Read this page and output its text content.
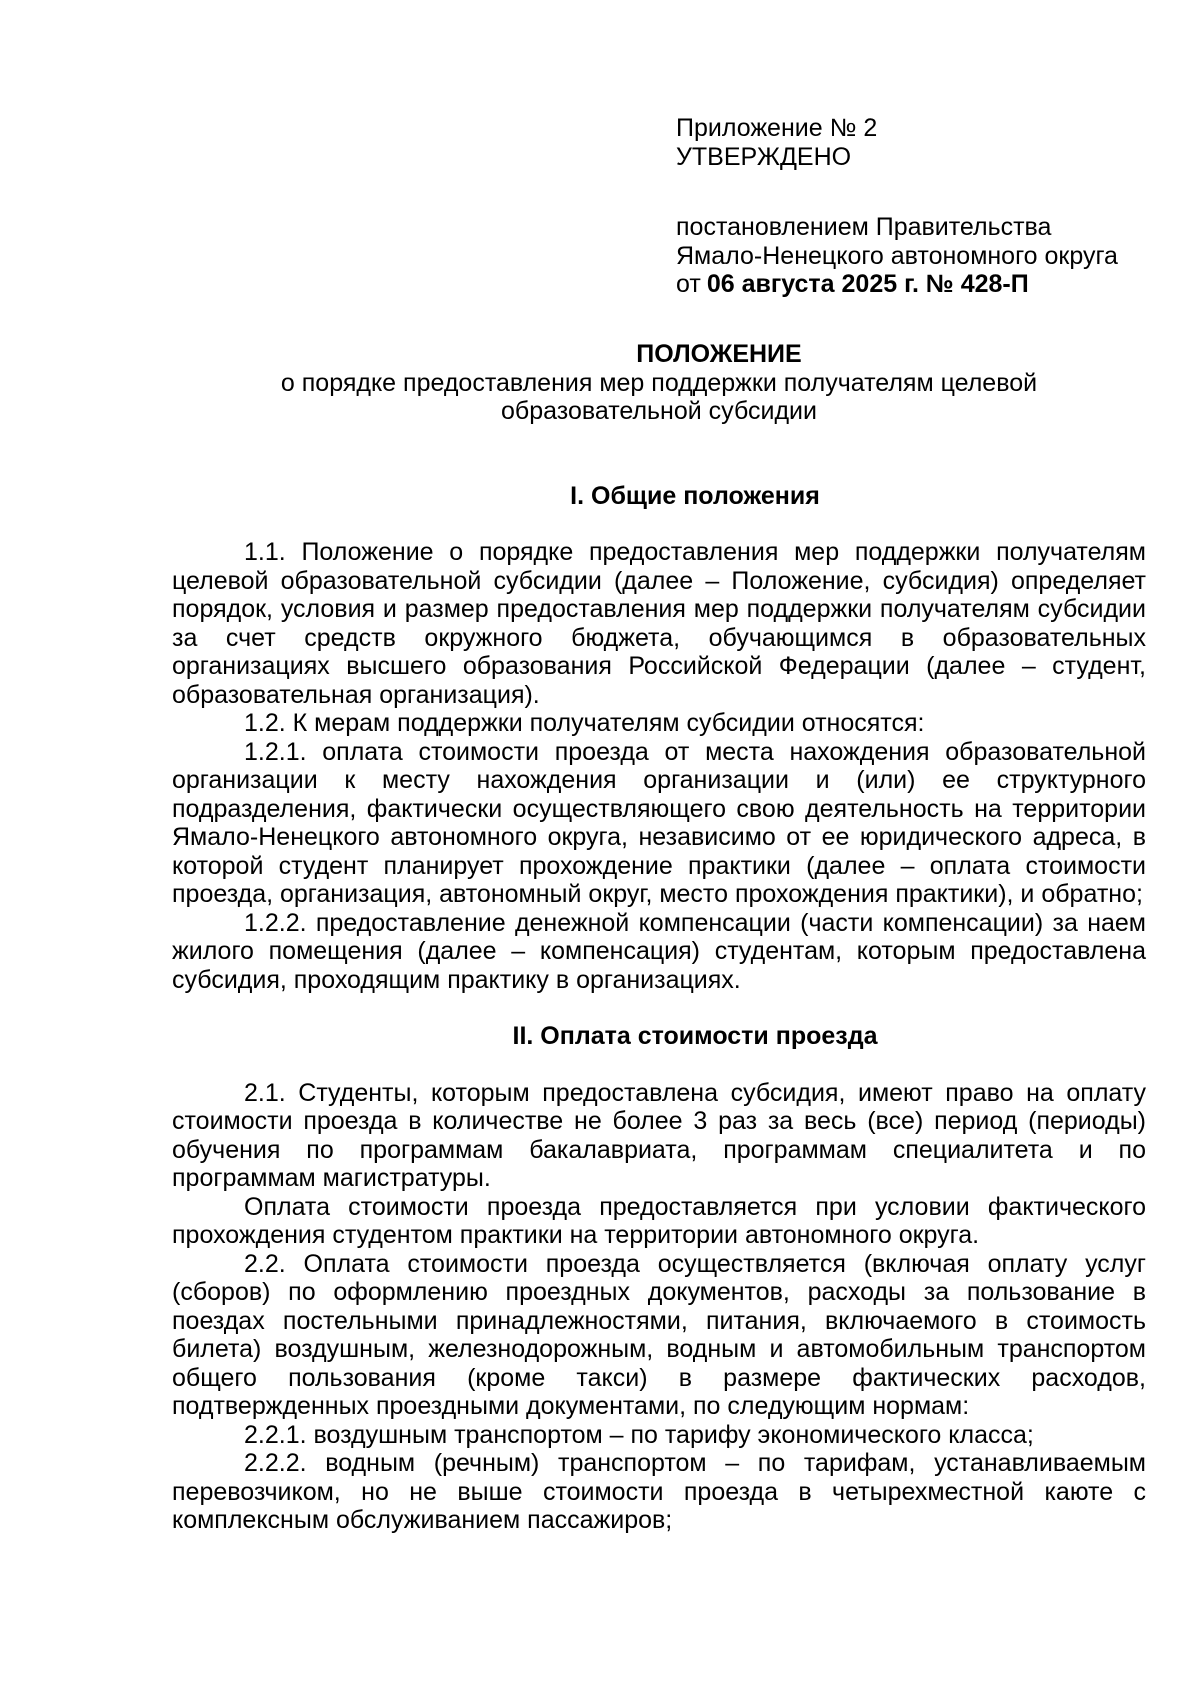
Приложение № 2
УТВЕРЖДЕНО
постановлением Правительства
Ямало-Ненецкого автономного округа
от 06 августа 2025 г. № 428-П

ПОЛОЖЕНИЕ

о порядке предоставления мер поддержки получателям целевой

образовательной субсидии

I. Общие положения

1.1. Положение о порядке предоставления мер поддержки получателям целевой образовательной субсидии (далее – Положение, субсидия) определяет порядок, условия и размер предоставления мер поддержки получателям субсидии за счет средств окружного бюджета, обучающимся в образовательных организациях высшего образования Российской Федерации (далее – студент, образовательная организация).

1.2. К мерам поддержки получателям субсидии относятся:

1.2.1. оплата стоимости проезда от места нахождения образовательной организации к месту нахождения организации и (или) ее структурного подразделения, фактически осуществляющего свою деятельность на территории Ямало-Ненецкого автономного округа, независимо от ее юридического адреса, в которой студент планирует прохождение практики (далее – оплата стоимости проезда, организация, автономный округ, место прохождения практики), и обратно;

1.2.2. предоставление денежной компенсации (части компенсации) за наем жилого помещения (далее – компенсация) студентам, которым предоставлена субсидия, проходящим практику в организациях.

II. Оплата стоимости проезда

2.1. Студенты, которым предоставлена субсидия, имеют право на оплату стоимости проезда в количестве не более 3 раз за весь (все) период (периоды) обучения по программам бакалавриата, программам специалитета и по программам магистратуры.

Оплата стоимости проезда предоставляется при условии фактического прохождения студентом практики на территории автономного округа.

2.2. Оплата стоимости проезда осуществляется (включая оплату услуг (сборов) по оформлению проездных документов, расходы за пользование в поездах постельными принадлежностями, питания, включаемого в стоимость билета) воздушным, железнодорожным, водным и автомобильным транспортом общего пользования (кроме такси) в размере фактических расходов, подтвержденных проездными документами, по следующим нормам:

2.2.1. воздушным транспортом – по тарифу экономического класса;

2.2.2. водным (речным) транспортом – по тарифам, устанавливаемым перевозчиком, но не выше стоимости проезда в четырехместной каюте с комплексным обслуживанием пассажиров;
